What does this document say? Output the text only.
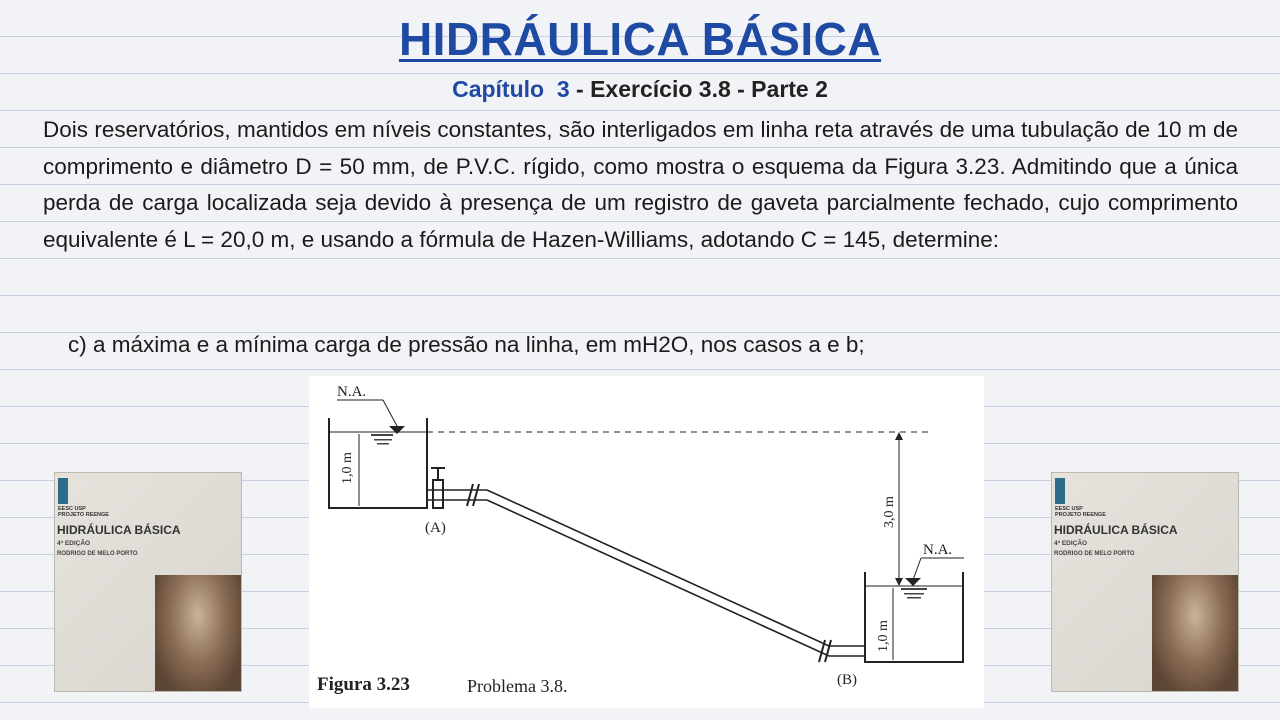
HIDRÁULICA BÁSICA
Capítulo 3 - Exercício 3.8 - Parte 2
Dois reservatórios, mantidos em níveis constantes, são interligados em linha reta através de uma tubulação de 10 m de comprimento e diâmetro D = 50 mm, de P.V.C. rígido, como mostra o esquema da Figura 3.23. Admitindo que a única perda de carga localizada seja devido à presença de um registro de gaveta parcialmente fechado, cujo comprimento equivalente é L = 20,0 m, e usando a fórmula de Hazen-Williams, adotando C = 145, determine:
c) a máxima e a mínima carga de pressão na linha, em mH2O, nos casos a e b;
N.A.
1,0 m
(A)
N.A.
3,0 m
1,0 m
(B)
Figura 3.23	Problema 3.8.
EESC USP
PROJETO REENGE
HIDRÁULICA BÁSICA
4ª EDIÇÃO
RODRIGO DE MELO PORTO
EESC USP
PROJETO REENGE
HIDRÁULICA BÁSICA
4ª EDIÇÃO
RODRIGO DE MELO PORTO
